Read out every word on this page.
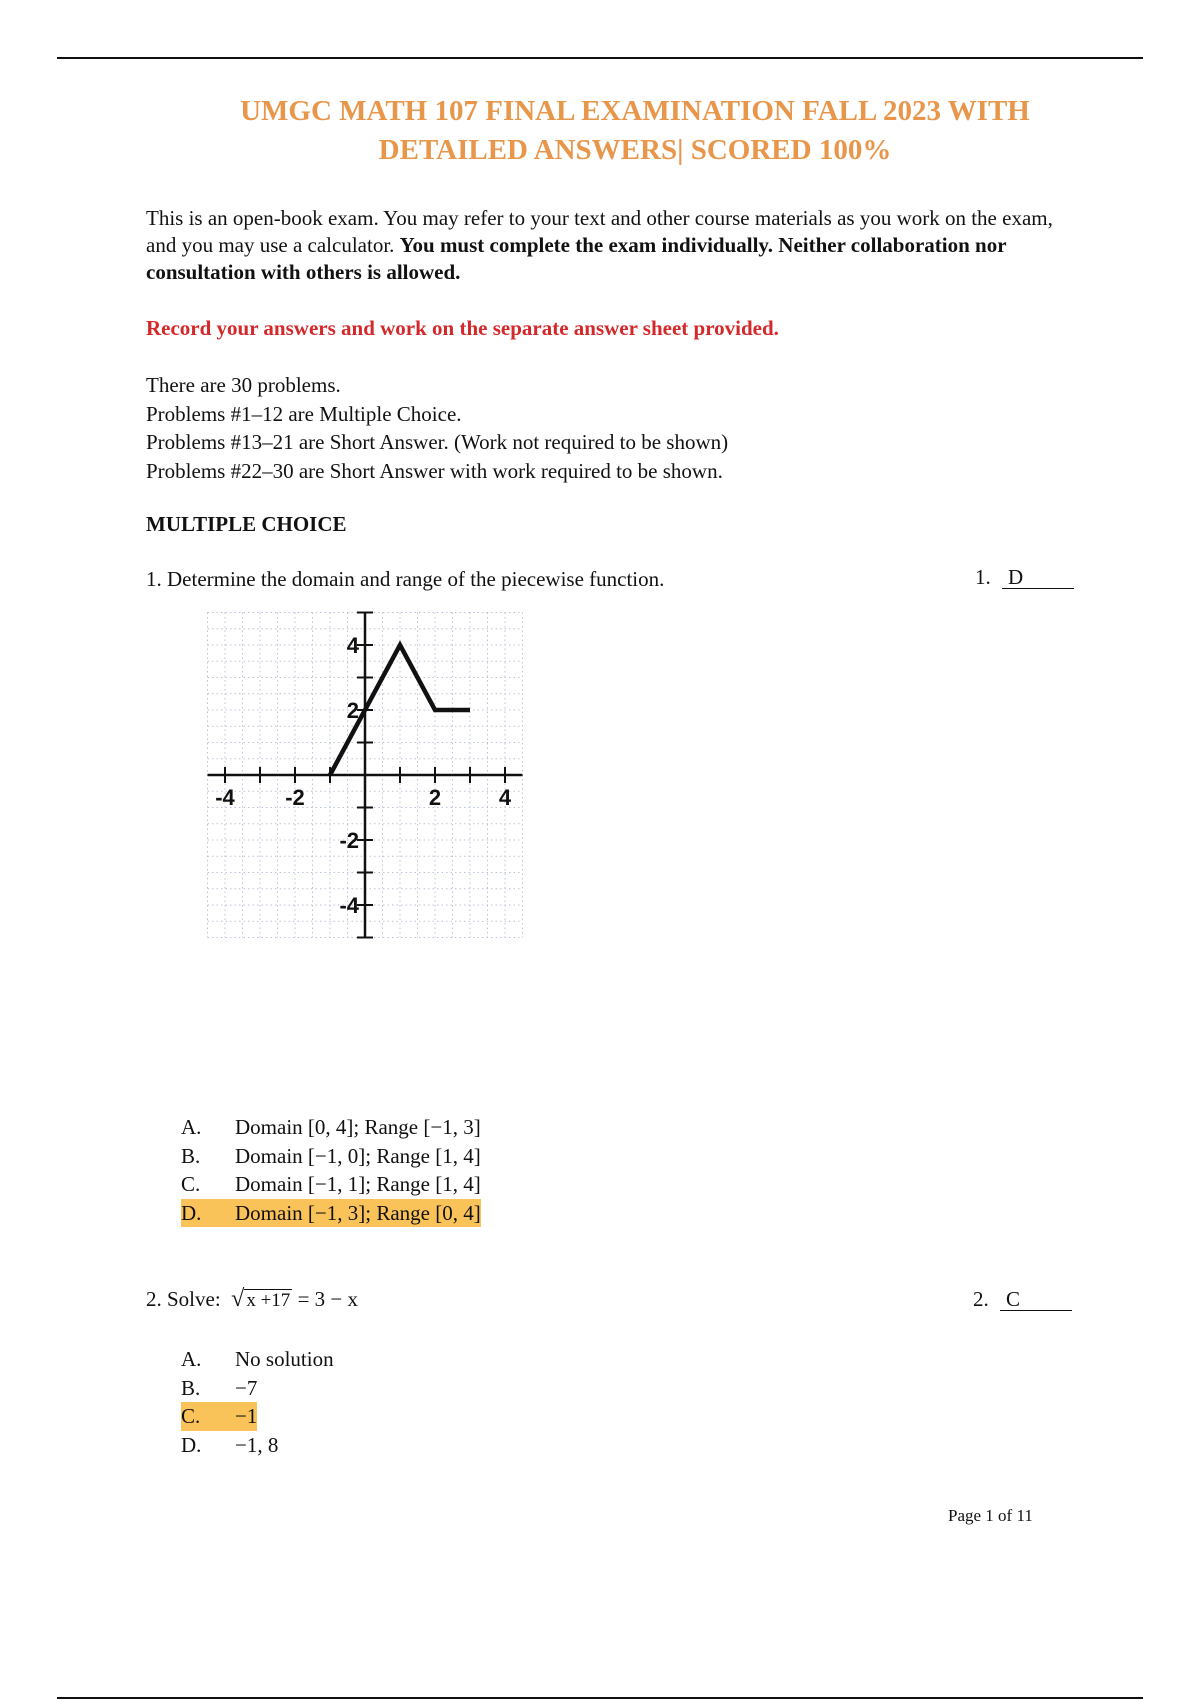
UMGC MATH 107 FINAL EXAMINATION FALL 2023 WITH
DETAILED ANSWERS| SCORED 100%
This is an open-book exam. You may refer to your text and other course materials as you work on the exam, and you may use a calculator. You must complete the exam individually. Neither collaboration nor consultation with others is allowed.
Record your answers and work on the separate answer sheet provided.
There are 30 problems.
Problems #1–12 are Multiple Choice.
Problems #13–21 are Short Answer. (Work not required to be shown)
Problems #22–30 are Short Answer with work required to be shown.
MULTIPLE CHOICE
1. Determine the domain and range of the piecewise function.	1. D
-4 -2	2	4
4
2
-2
-4
A. Domain [0, 4]; Range [−1, 3]
B. Domain [−1, 0]; Range [1, 4]
C. Domain [−1, 1]; Range [1, 4]
D. Domain [−1, 3]; Range [0, 4]
2. Solve: √ x +17 = 3 − x	2. C
A. No solution
B. −7
C. −1
D. −1, 8
Page 1 of 11
